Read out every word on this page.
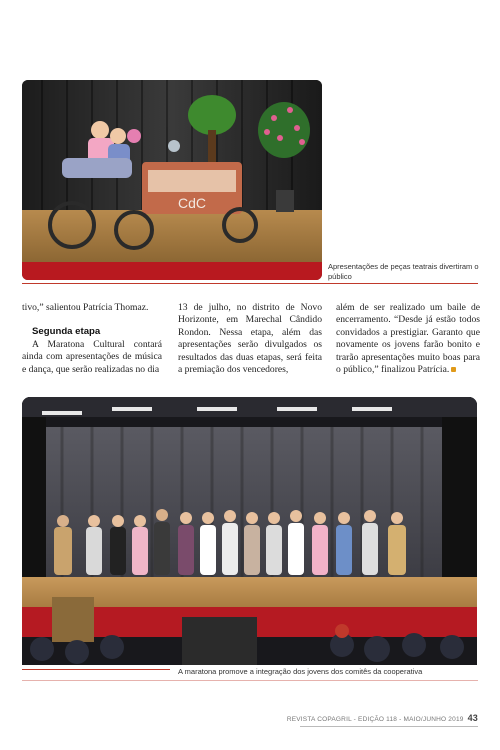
CdC
Apresentações de peças teatrais divertiram o público

tivo,” salientou Patrícia Thomaz.

Segunda etapa

A Maratona Cultural contará ainda com apresentações de música e dança, que serão realizadas no dia

13 de julho, no distrito de Novo Horizonte, em Marechal Cândido Rondon. Nessa etapa, além das apresentações serão divulgados os resultados das duas etapas, será feita a premiação dos vencedores,

além de ser realizado um baile de encerramento. “Desde já estão todos convidados a prestigiar. Garanto que novamente os jovens farão bonito e trarão apresentações muito boas para o público,” finalizou Patrícia.

A maratona promove a integração dos jovens dos comitês da cooperativa
REVISTA COPAGRIL - EDIÇÃO 118 - MAIO/JUNHO 2019 43
